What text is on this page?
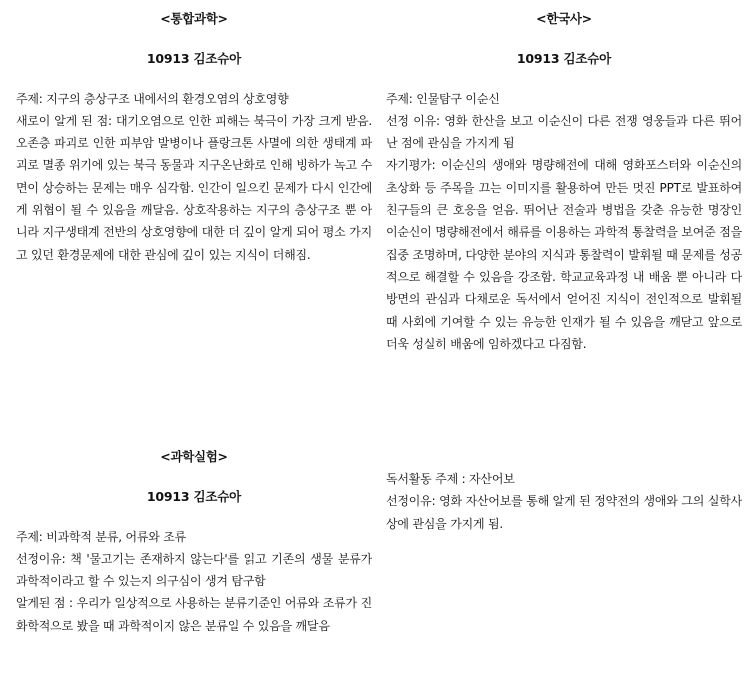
<통합과학>
10913 김조슈아

주제: 지구의 층상구조 내에서의 환경오염의 상호영향

새로이 알게 된 점: 대기오염으로 인한 피해는 북극이 가장 크게 받음. 오존층 파괴로 인한 피부암 발병이나 플랑크톤 사멸에 의한 생태계 파괴로 멸종 위기에 있는 북극 동물과 지구온난화로 인해 빙하가 녹고 수면이 상승하는 문제는 매우 심각함. 인간이 일으킨 문제가 다시 인간에게 위협이 될 수 있음을 깨달음. 상호작용하는 지구의 층상구조 뿐 아니라 지구생태계 전반의 상호영향에 대한 더 깊이 알게 되어 평소 가지고 있던 환경문제에 대한 관심에 깊이 있는 지식이 더해짐.

<한국사>
10913 김조슈아

주제: 인물탐구 이순신

선정 이유: 영화 한산을 보고 이순신이 다른 전쟁 영웅들과 다른 뛰어난 점에 관심을 가지게 됨

자기평가: 이순신의 생애와 명량해전에 대해 영화포스터와 이순신의 초상화 등 주목을 끄는 이미지를 활용하여 만든 멋진 PPT로 발표하여 친구들의 큰 호응을 얻음. 뛰어난 전술과 병법을 갖춘 유능한 명장인 이순신이 명량해전에서 해류를 이용하는 과학적 통찰력을 보여준 점을 집중 조명하며, 다양한 분야의 지식과 통찰력이 발휘될 때 문제를 성공적으로 해결할 수 있음을 강조함. 학교교육과정 내 배움 뿐 아니라 다방면의 관심과 다채로운 독서에서 얻어진 지식이 전인적으로 발휘될 때 사회에 기여할 수 있는 유능한 인재가 될 수 있음을 깨닫고 앞으로 더욱 성실히 배움에 임하겠다고 다짐함.

<과학실험>
10913 김조슈아

주제: 비과학적 분류, 어류와 조류

선정이유: 책 '물고기는 존재하지 않는다'를 읽고 기존의 생물 분류가 과학적이라고 할 수 있는지 의구심이 생겨 탐구함

알게된 점 : 우리가 일상적으로 사용하는 분류기준인 어류와 조류가 진화학적으로 봤을 때 과학적이지 않은 분류일 수 있음을 깨달음

독서활동 주제 : 자산어보

선정이유: 영화 자산어보를 통해 알게 된 정약전의 생애와 그의 실학사상에 관심을 가지게 됨.
